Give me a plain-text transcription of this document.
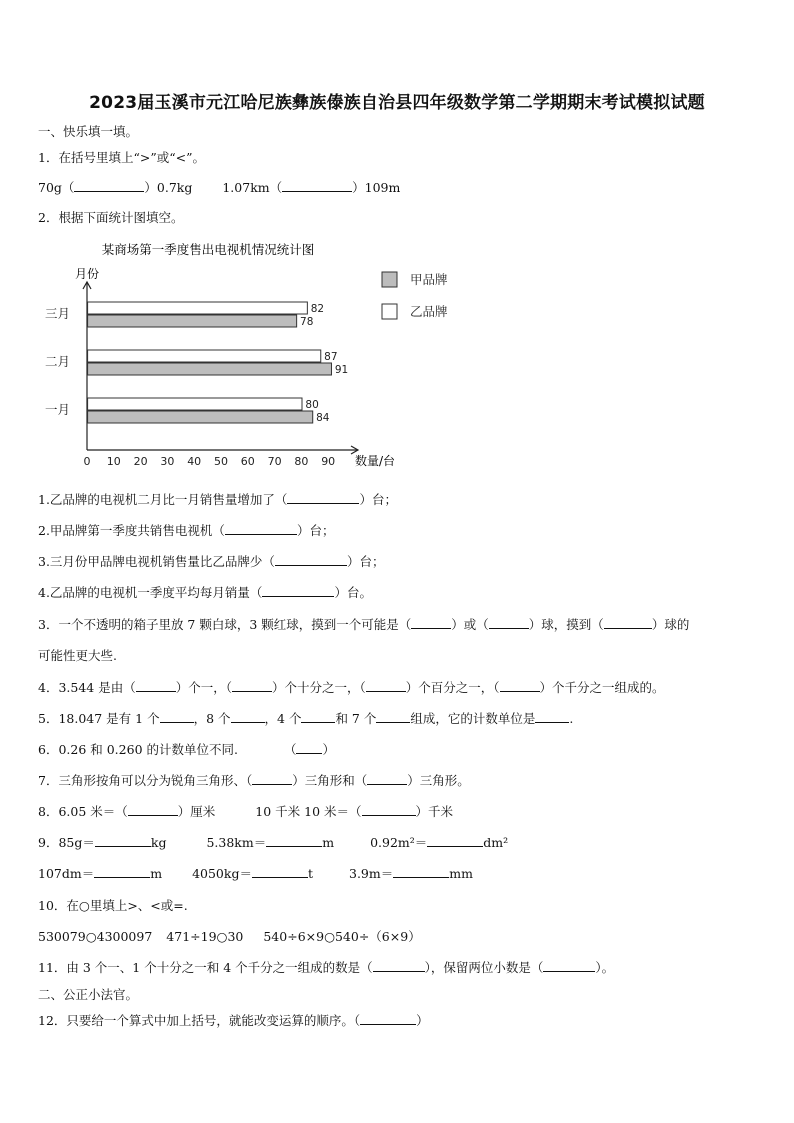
2023届玉溪市元江哈尼族彝族傣族自治县四年级数学第二学期期末考试模拟试题
一、快乐填一填。
1．在括号里填上“>”或“<”。
70g（	）0.7kg 1.07km（	）109m
2．根据下面统计图填空。
某商场第一季度售出电视机情况统计图
月份
数量/台
0 10 20 30 40 50 60 70 80 90
三月
二月
一月
82
78
87
91
80
84
甲品牌
乙品牌
1.乙品牌的电视机二月比一月销售量增加了（	）台；
2.甲品牌第一季度共销售电视机（	）台；
3.三月份甲品牌电视机销售量比乙品牌少（	）台；
4.乙品牌的电视机一季度平均每月销量（	）台。
3．一个不透明的箱子里放 7 颗白球，3 颗红球，摸到一个可能是（	）或（	）球，摸到（	）球的
可能性更大些.
4．3.544 是由（	）个一，（	）个十分之一，（	）个百分之一，（	）个千分之一组成的。
5．18.047 是有 1 个	，8 个	，4 个	和 7 个	组成，它的计数单位是	.
6．0.26 和 0.260 的计数单位不同.	（ ）
7．三角形按角可以分为锐角三角形、（	）三角形和（	）三角形。
8．6.05 米＝（	）厘米	10 千米 10 米＝（	）千米
9．85g＝	kg	5.38km＝	m	0.92m²＝	dm²
107dm＝	m 4050kg＝	t	3.9m＝	mm
10．在○里填上>、<或=.
530079○4300097 471÷19○30 540÷6×9○540÷（6×9）
11．由 3 个一、1 个十分之一和 4 个千分之一组成的数是（	），保留两位小数是（	）。
二、公正小法官。
12．只要给一个算式中加上括号，就能改变运算的顺序。（	）
